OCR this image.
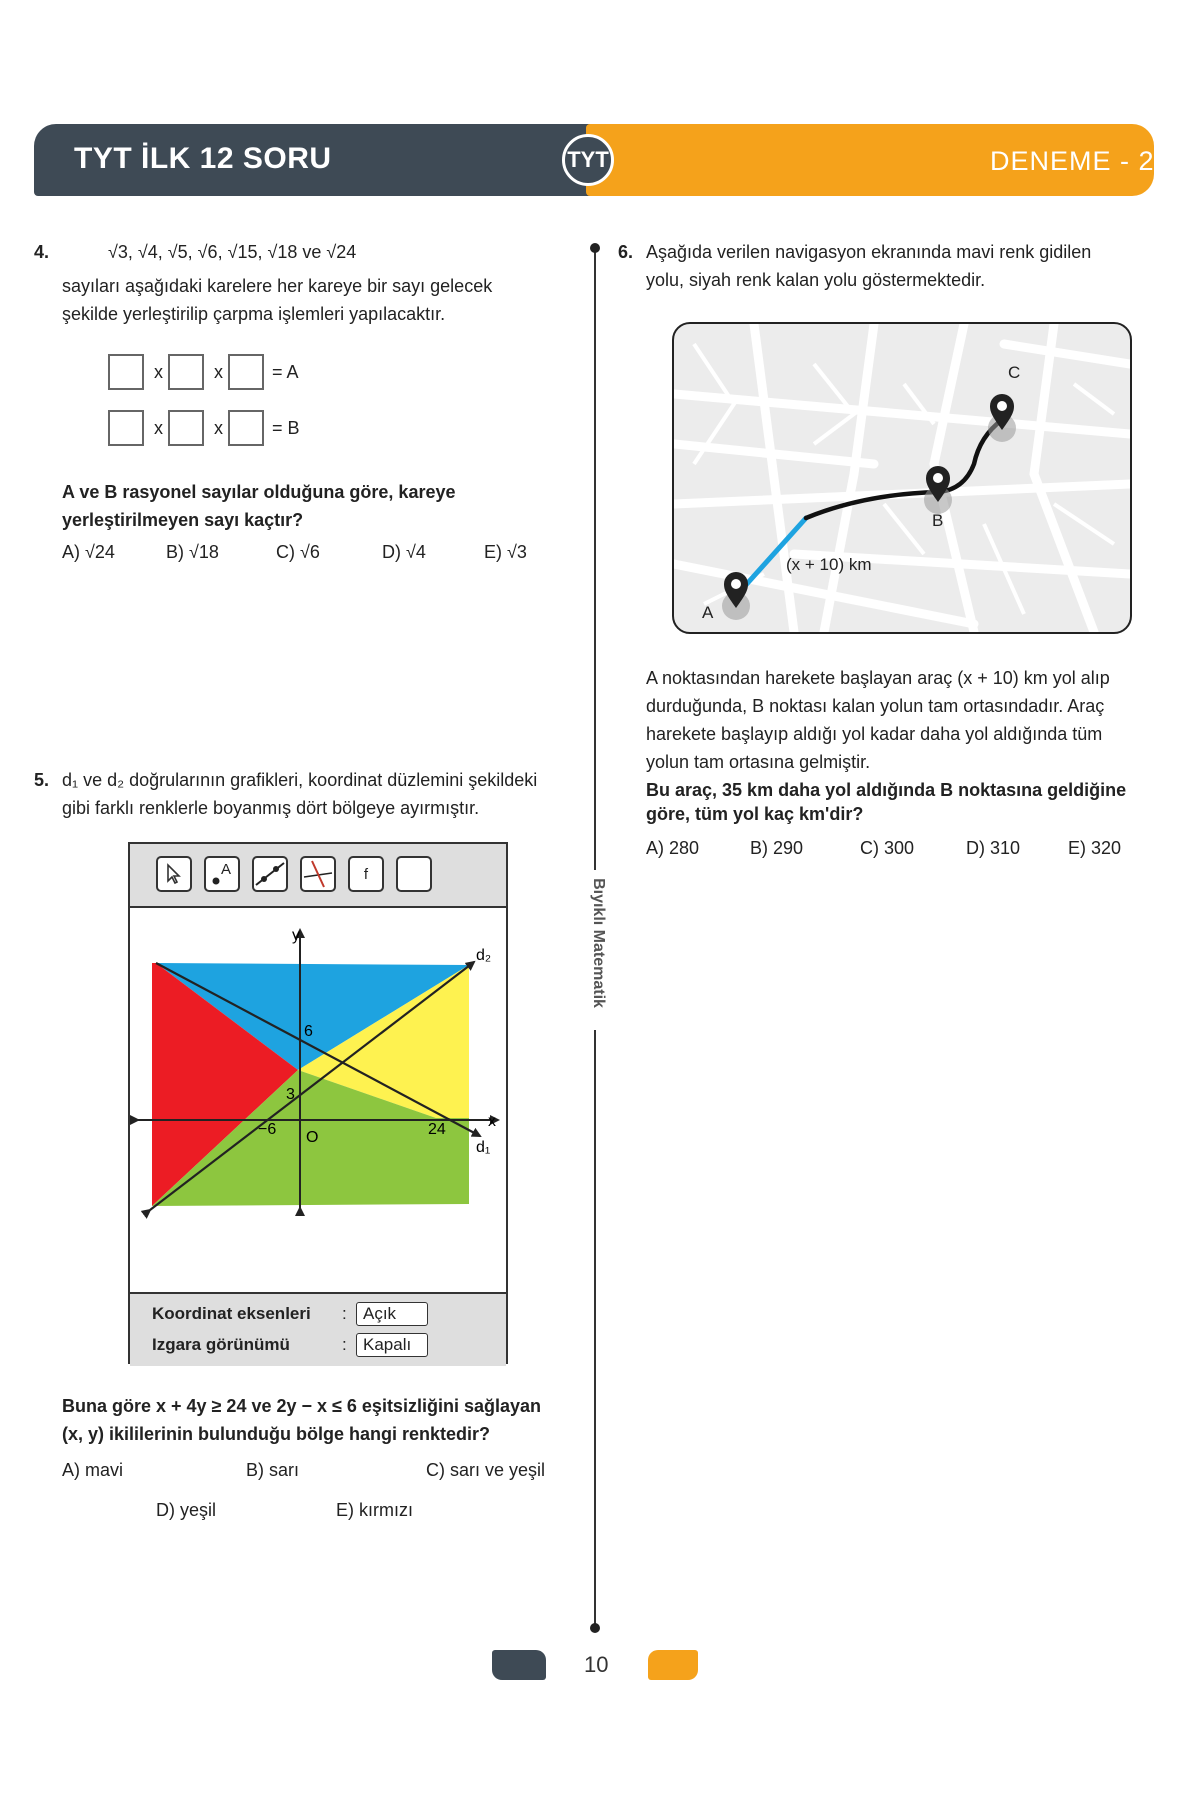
TYT İLK 12 SORU	TYT	DENEME - 2
Bıyıklı Matematik
4.	√3, √4, √5, √6, √15, √18 ve √24
sayıları aşağıdaki karelere her kareye bir sayı gelecek
şekilde yerleştirilip çarpma işlemleri yapılacaktır.
x	x	= A
x	x	= B
A ve B rasyonel sayılar olduğuna göre, kareye
yerleştirilmeyen sayı kaçtır?
A) √24	B) √18	C) √6	D) √4	E) √3
5. d₁ ve d₂ doğrularının grafikleri, koordinat düzlemini şekildeki
gibi farklı renklerle boyanmış dört bölgeye ayırmıştır.
A	f
y
x
O
6
3
−6	24
d₂
d₁
Koordinat eksenleri : Açık
Izgara görünümü	: Kapalı
Buna göre x + 4y ≥ 24 ve 2y − x ≤ 6 eşitsizliğini sağlayan
(x, y) ikililerinin bulunduğu bölge hangi renktedir?
A) mavi	B) sarı	C) sarı ve yeşil
D) yeşil	E) kırmızı
6. Aşağıda verilen navigasyon ekranında mavi renk gidilen
yolu, siyah renk kalan yolu göstermektedir.
A
B
C
(x + 10) km
A noktasından harekete başlayan araç (x + 10) km yol alıp
durduğunda, B noktası kalan yolun tam ortasındadır. Araç
harekete başlayıp aldığı yol kadar daha yol aldığında tüm
yolun tam ortasına gelmiştir.
Bu araç, 35 km daha yol aldığında B noktasına geldiğine
göre, tüm yol kaç km'dir?
A) 280	B) 290	C) 300	D) 310	E) 320
10
